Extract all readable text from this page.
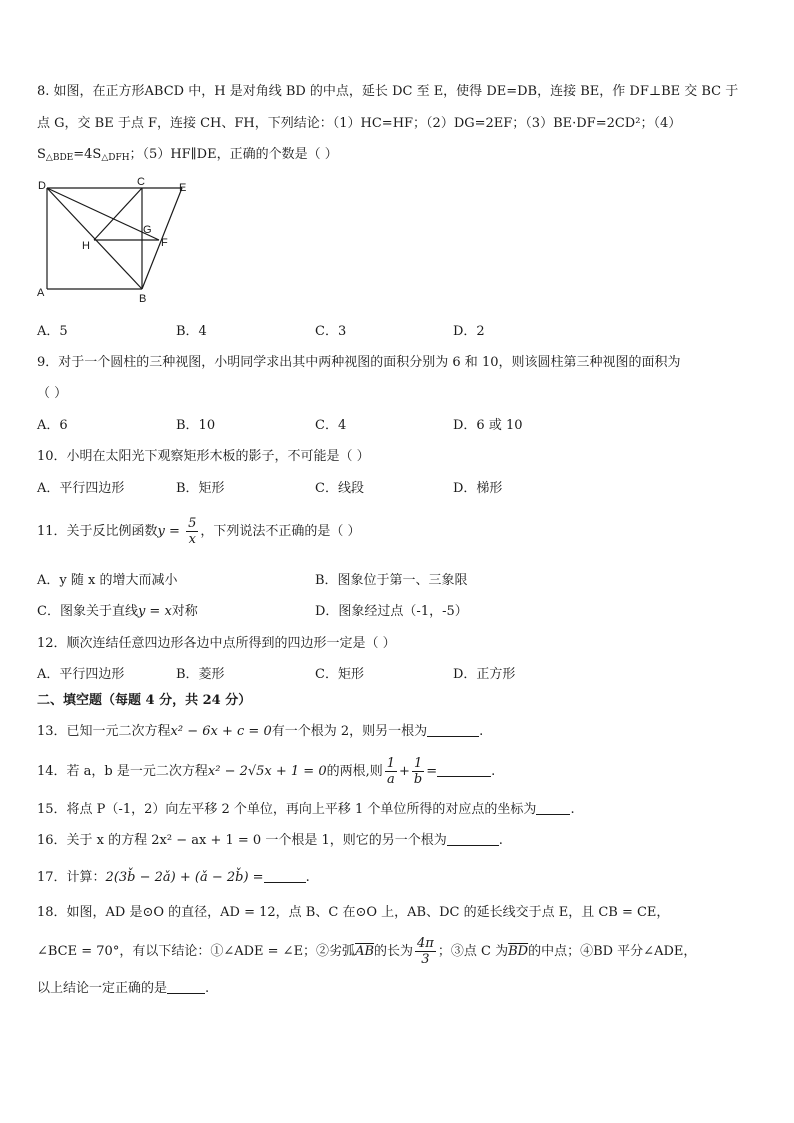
8. 如图，在正方形ABCD 中，H 是对角线 BD 的中点，延长 DC 至 E，使得 DE=DB，连接 BE，作 DF⊥BE 交 BC 于
点 G，交 BE 于点 F，连接 CH、FH，下列结论：（1）HC=HF；（2）DG=2EF；（3）BE·DF=2CD²；（4）
$S_{\triangle BDE}=4S_{\triangle DFH}$；（5）HF∥DE，正确的个数是（ ）
D	C	E
H
G
F
A	B
A．5	B．4	C．3	D．2
9．对于一个圆柱的三种视图，小明同学求出其中两种视图的面积分别为 6 和 10，则该圆柱第三种视图的面积为
（ ）
A．6	B．10	C．4	D．6 或 10
10．小明在太阳光下观察矩形木板的影子，不可能是（ ）
A．平行四边形	B．矩形	C．线段	D．梯形
11．关于反比例函数$y = \frac{5}{x}$ ，下列说法不正确的是（ ）
A．y 随 x 的增大而减小	B．图象位于第一、三象限
C．图象关于直线y = x对称	D．图象经过点（-1，-5）
12．顺次连结任意四边形各边中点所得到的四边形一定是（ ）
A．平行四边形	B．菱形	C．矩形	D．正方形
二、填空题（每题 4 分，共 24 分）
13．已知一元二次方程x² − 6x + c = 0有一个根为 2，则另一根为	.
14．若 a，b 是一元二次方程x² − 2√5x + 1 = 0的两根,则 $\frac{1}{a} + \frac{1}{b}$ =	.
15．将点 P（-1，2）向左平移 2 个单位，再向上平移 1 个单位所得的对应点的坐标为	.
16．关于 x 的方程 2x² − ax + 1 = 0 一个根是 1，则它的另一个根为	.
17．计算：2(3b̌ − 2ǎ) + (ǎ − 2b̌) =	.
18．如图，AD 是⊙O 的直径，AD = 12，点 B、C 在⊙O 上，AB、DC 的延长线交于点 E，且 CB = CE，
∠BCE = 70°，有以下结论：①∠ADE = ∠E；②劣弧$\overline{AB}$的长为 $\frac{4\pi}{3}$ ；③点 C 为$\overline{BD}$的中点；④BD 平分∠ADE，
以上结论一定正确的是	.
